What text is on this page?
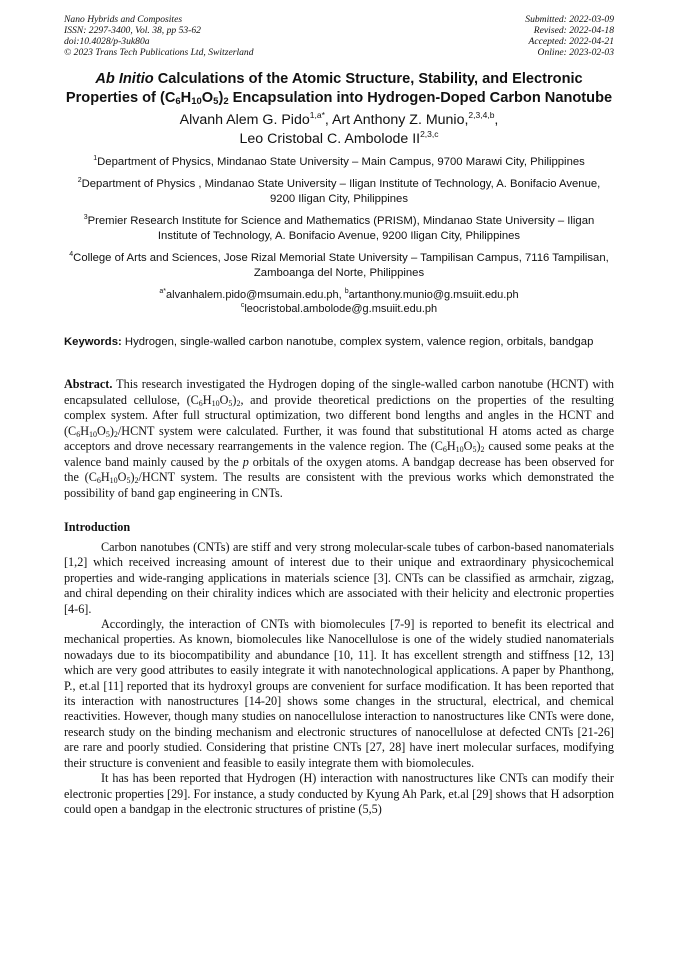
Nano Hybrids and Composites
ISSN: 2297-3400, Vol. 38, pp 53-62
doi:10.4028/p-3uk80a
© 2023 Trans Tech Publications Ltd, Switzerland
Submitted: 2022-03-09
Revised: 2022-04-18
Accepted: 2022-04-21
Online: 2023-02-03
Ab Initio Calculations of the Atomic Structure, Stability, and Electronic Properties of $(C_6H_{10}O_5)_2$ Encapsulation into Hydrogen-Doped Carbon Nanotube
Alvanh Alem G. Pido$^{1,a*}$, Art Anthony Z. Munio,$^{2,3,4,b}$,
Leo Cristobal C. Ambolode II$^{2,3,c}$
$^1$Department of Physics, Mindanao State University – Main Campus, 9700 Marawi City, Philippines
$^2$Department of Physics , Mindanao State University – Iligan Institute of Technology, A. Bonifacio Avenue, 9200 Iligan City, Philippines
$^3$Premier Research Institute for Science and Mathematics (PRISM), Mindanao State University – Iligan Institute of Technology, A. Bonifacio Avenue, 9200 Iligan City, Philippines
$^4$College of Arts and Sciences, Jose Rizal Memorial State University – Tampilisan Campus, 7116 Tampilisan, Zamboanga del Norte, Philippines
$^{a*}$alvanhalem.pido@msumain.edu.ph, $^b$artanthony.munio@g.msuiit.edu.ph
$^c$leocristobal.ambolode@g.msuiit.edu.ph
Keywords: Hydrogen, single-walled carbon nanotube, complex system, valence region, orbitals, bandgap
Abstract. This research investigated the Hydrogen doping of the single-walled carbon nanotube (HCNT) with encapsulated cellulose, $(C_6H_{10}O_5)_2$, and provide theoretical predictions on the properties of the resulting complex system. After full structural optimization, two different bond lengths and angles in the HCNT and $(C_6H_{10}O_5)_2$/HCNT system were calculated. Further, it was found that substitutional H atoms acted as charge acceptors and drove necessary rearrangements in the valence region. The $(C_6H_{10}O_5)_2$ caused some peaks at the valence band mainly caused by the p orbitals of the oxygen atoms. A bandgap decrease has been observed for the $(C_6H_{10}O_5)_2$/HCNT system. The results are consistent with the previous works which demonstrated the possibility of band gap engineering in CNTs.
Introduction
Carbon nanotubes (CNTs) are stiff and very strong molecular-scale tubes of carbon-based nanomaterials [1,2] which received increasing amount of interest due to their unique and extraordinary physicochemical properties and wide-ranging applications in materials science [3]. CNTs can be classified as armchair, zigzag, and chiral depending on their chirality indices which are associated with their helicity and electronic properties [4-6].
Accordingly, the interaction of CNTs with biomolecules [7-9] is reported to benefit its electrical and mechanical properties. As known, biomolecules like Nanocellulose is one of the widely studied nanomaterials nowadays due to its biocompatibility and abundance [10, 11]. It has excellent strength and stiffness [12, 13] which are very good attributes to easily integrate it with nanotechnological applications. A paper by Phanthong, P., et.al [11] reported that its hydroxyl groups are convenient for surface modification. It has been reported that its interaction with nanostructures [14-20] shows some changes in the structural, electrical, and chemical reactivities. However, though many studies on nanocellulose interaction to nanostructures like CNTs were done, research study on the binding mechanism and electronic structures of nanocellulose at defected CNTs [21-26] are rare and poorly studied. Considering that pristine CNTs [27, 28] have inert molecular surfaces, modifying their structure is convenient and feasible to easily integrate them with biomolecules.
It has has been reported that Hydrogen (H) interaction with nanostructures like CNTs can modify their electronic properties [29]. For instance, a study conducted by Kyung Ah Park, et.al [29] shows that H adsorption could open a bandgap in the electronic structures of pristine (5,5)
